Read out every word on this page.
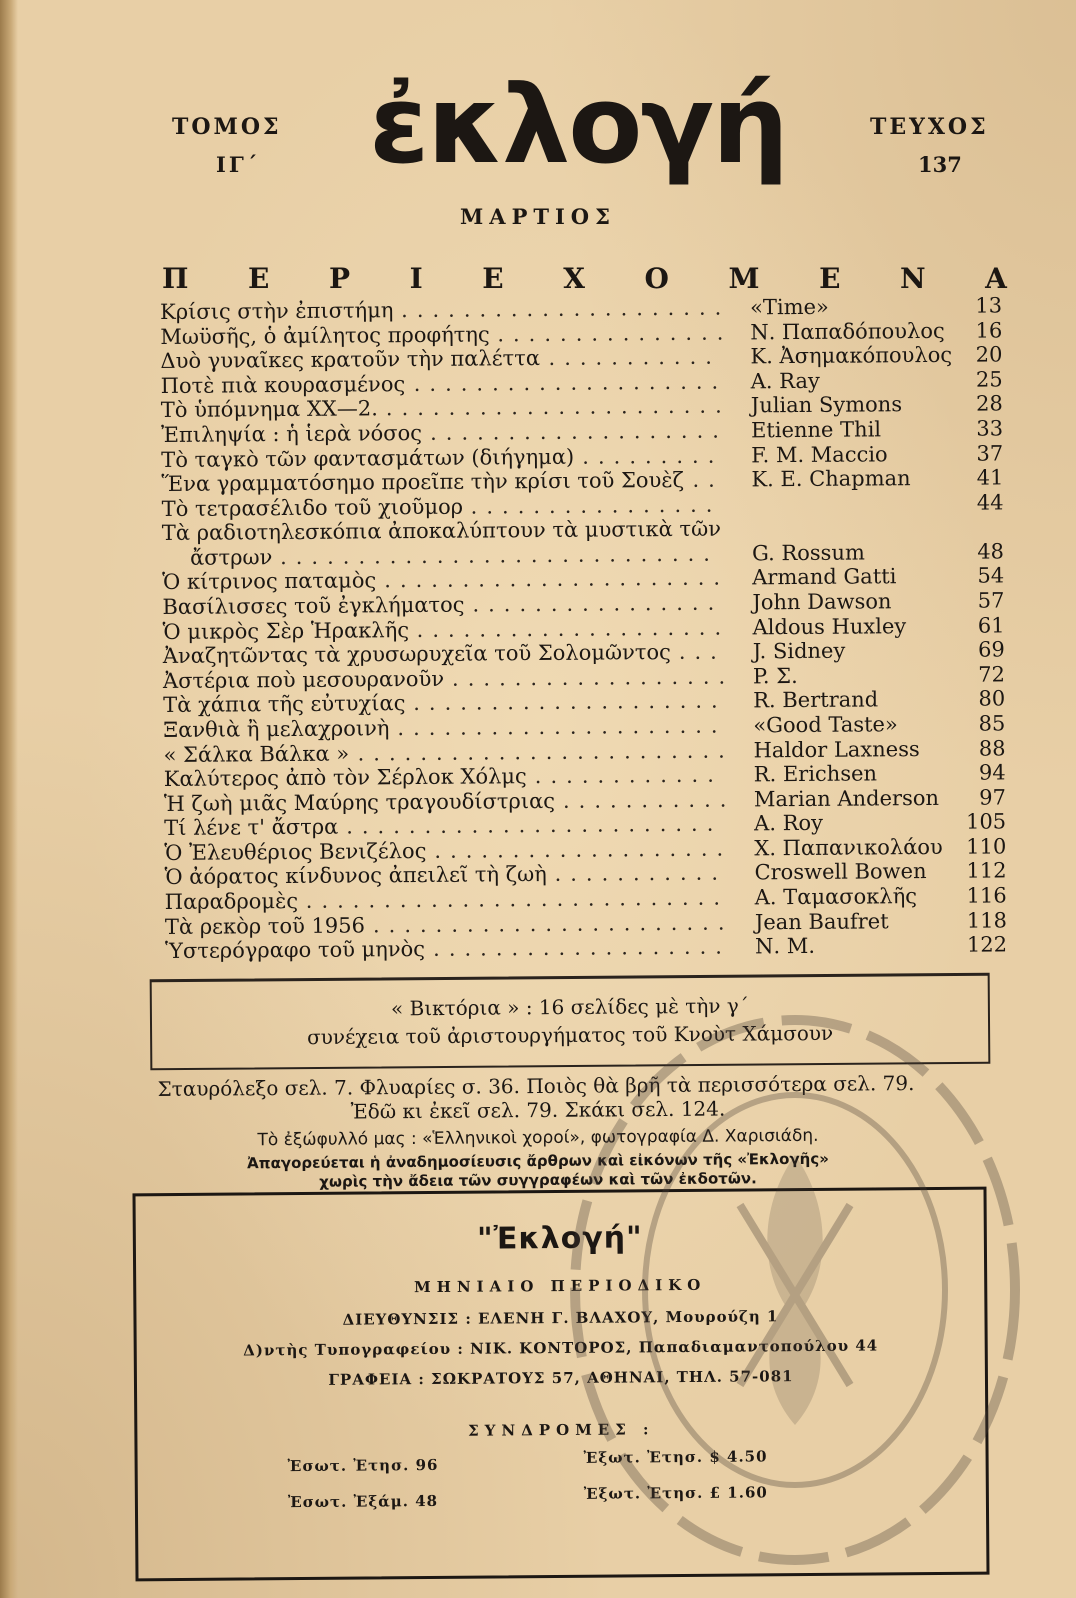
ΤΟΜΟΣ
ΙΓ΄ ἐκλογή	ΤΕΥΧΟΣ
137
ΜΑΡΤΙΟΣ
Π Ε Ρ Ι Ε Χ Ο Μ Ε Ν Α
Κρίσις στὴν ἐπιστήμη ..................... «Time»	13
Μωϋσῆς, ὁ ἀμίλητος προφήτης ............... Ν. Παπαδόπουλος 16
Δυὸ γυναῖκες κρατοῦν τὴν παλέττα ........... Κ. Ἀσημακόπουλος 20
Ποτὲ πιὰ κουρασμένος .................... A. Ray	25
Τὸ ὑπόμνημα XX—2. ...................... Julian Symons	28
Ἐπιληψία : ἡ ἱερὰ νόσος ................... Etienne Thil	33
Τὸ ταγκὸ τῶν φαντασμάτων (διήγημα) ......... F. M. Maccio	37
Ἕνα γραμματόσημο προεῖπε τὴν κρίσι τοῦ Σουὲζ .. K. E. Chapman	41
Τὸ τετρασέλιδο τοῦ χιοῦμορ ................	44
Τὰ ραδιοτηλεσκόπια ἀποκαλύπτουν τὰ μυστικὰ τῶν
ἄστρων ............................ G. Rossum	48
Ὁ κίτρινος παταμὸς ...................... Armand Gatti	54
Βασίλισσες τοῦ ἐγκλήματος ................ John Dawson	57
Ὁ μικρὸς Σὲρ Ἡρακλῆς .................... Aldous Huxley	61
Ἀναζητῶντας τὰ χρυσωρυχεῖα τοῦ Σολομῶντος ... J. Sidney	69
Ἀστέρια ποὺ μεσουρανοῦν .................. P. Σ.	72
Τὰ χάπια τῆς εὐτυχίας .................... R. Bertrand	80
Ξανθιὰ ἢ μελαχροινὴ ..................... «Good Taste»	85
« Σάλκα Βάλκα » ........................ Haldor Laxness	88
Καλύτερος ἀπὸ τὸν Σέρλοκ Χόλμς ............ R. Erichsen	94
Ἡ ζωὴ μιᾶς Μαύρης τραγουδίστριας ........... Marian Anderson 97
Τί λένε τ' ἄστρα ........................ A. Roy	105
Ὁ Ἐλευθέριος Βενιζέλος ................... Χ. Παπανικολάου 110
Ὁ ἀόρατος κίνδυνος ἀπειλεῖ τὴ ζωὴ ........... Croswell Bowen 112
Παραδρομὲς ........................... Α. Ταμασοκλῆς 116
Τὰ ρεκὸρ τοῦ 1956 ....................... Jean Baufret	118
Ὑστερόγραφο τοῦ μηνὸς ................... Ν. Μ.	122
« Βικτόρια » : 16 σελίδες μὲ τὴν γ΄
συνέχεια τοῦ ἀριστουργήματος τοῦ Κνοὺτ Χάμσουν
Σταυρόλεξο σελ. 7. Φλυαρίες σ. 36. Ποιὸς θὰ βρῆ τὰ περισσότερα σελ. 79.
Ἐδῶ κι ἐκεῖ σελ. 79. Σκάκι σελ. 124.
Τὸ ἐξώφυλλό μας : «Ἑλληνικοὶ χοροί», φωτογραφία Δ. Χαρισιάδη.
Ἀπαγορεύεται ἡ ἀναδημοσίευσις ἄρθρων καὶ εἰκόνων τῆς «Ἐκλογῆς»
χωρὶς τὴν ἄδεια τῶν συγγραφέων καὶ τῶν ἐκδοτῶν.
"Ἐκλογή"
ΜΗΝΙΑΙΟ ΠΕΡΙΟΔΙΚΟ
ΔΙΕΥΘΥΝΣΙΣ : ΕΛΕΝΗ Γ. ΒΛΑΧΟΥ, Μουρούζη 1
Δ)ντὴς Τυπογραφείου : ΝΙΚ. ΚΟΝΤΟΡΟΣ, Παπαδιαμαντοπούλου 44
ΓΡΑΦΕΙΑ : ΣΩΚΡΑΤΟΥΣ 57, ΑΘΗΝΑΙ, ΤΗΛ. 57-081
ΣΥΝΔΡΟΜΕΣ :
Ἐσωτ. Ἐτησ. 96
Ἐσωτ. Ἐξάμ. 48
Ἐξωτ. Ἐτησ. $ 4.50
Ἐξωτ. Ἐτησ. £ 1.60
